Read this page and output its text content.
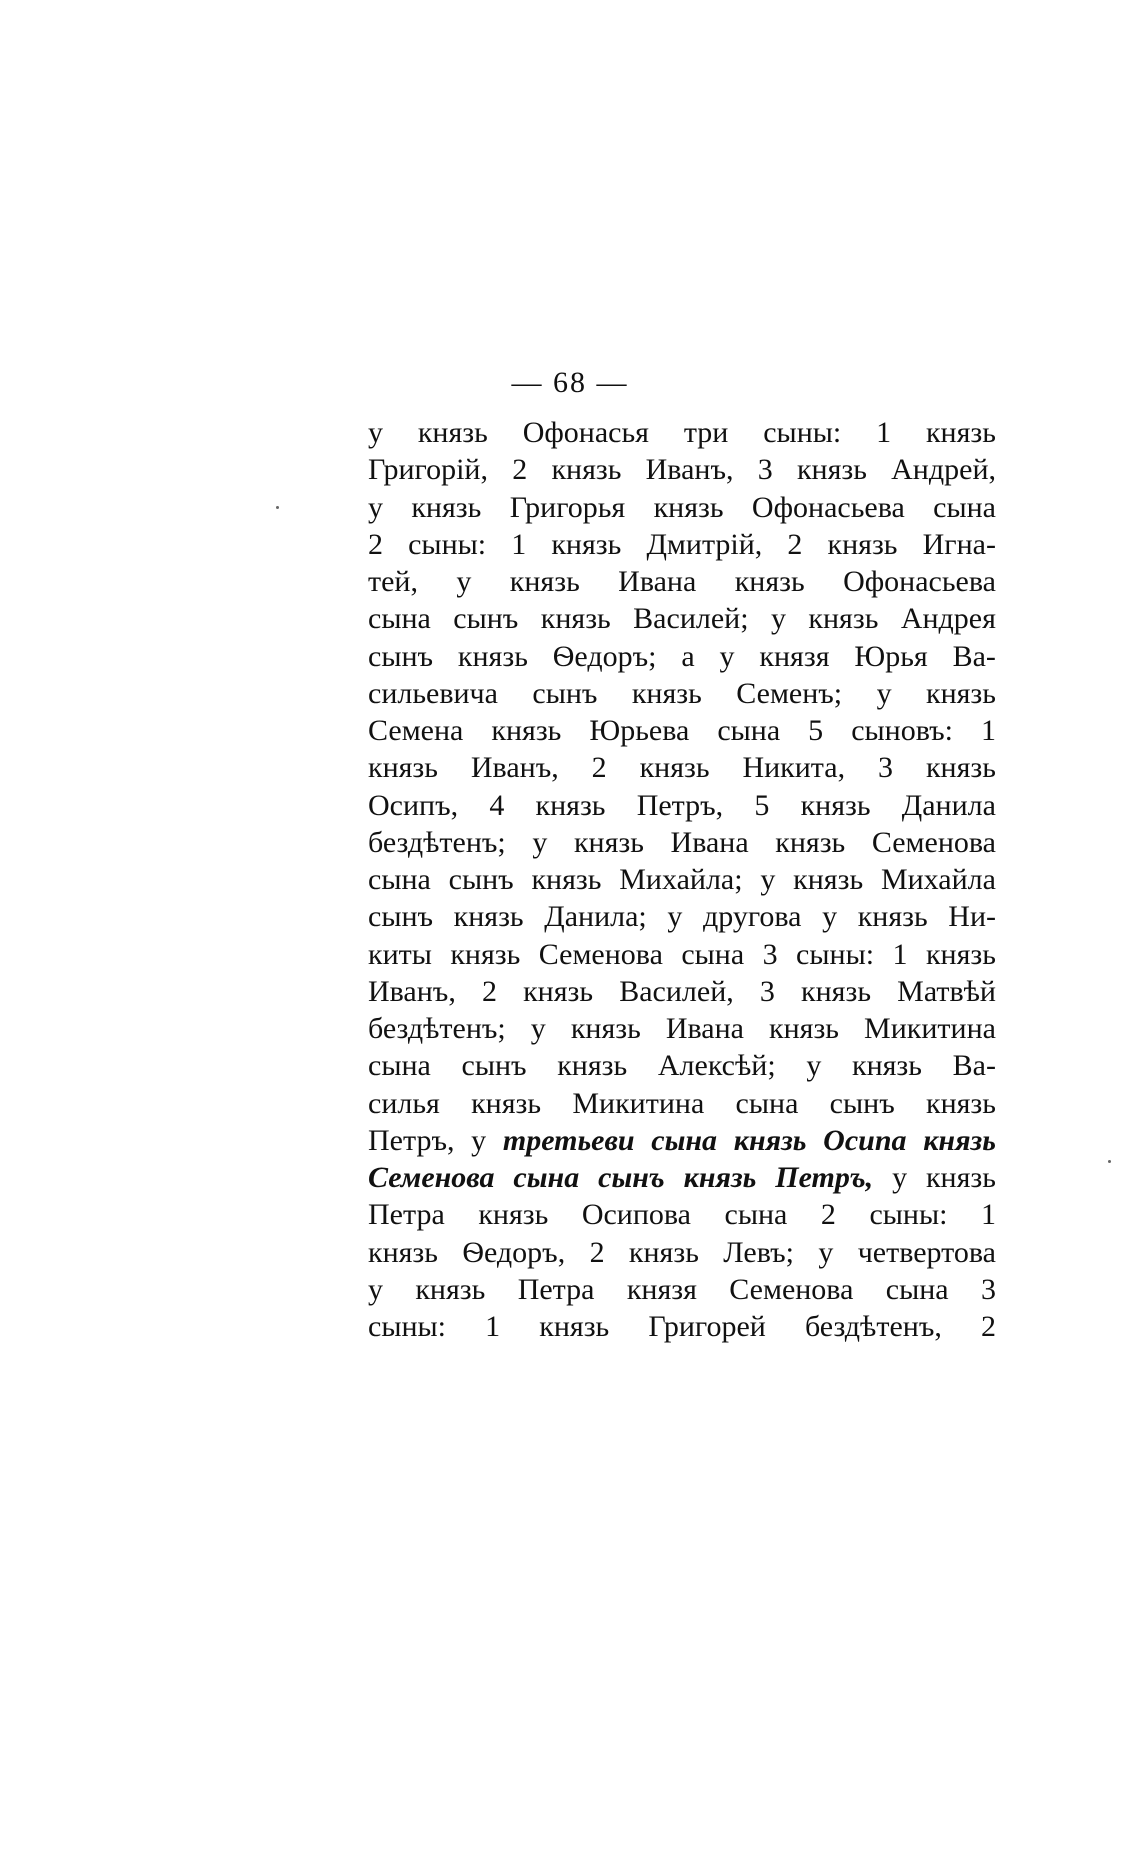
— 68 —
у князь Офонасья три сыны: 1 князь
Григорій, 2 князь Иванъ, 3 князь Андрей,
у князь Григорья князь Офонасьева сына
2 сыны: 1 князь Дмитрій, 2 князь Игна-
тей, у князь Ивана князь Офонасьева
сына сынъ князь Василей; у князь Андрея
сынъ князь Ѳедоръ; а у князя Юрья Ва-
сильевича сынъ князь Семенъ; у князь
Семена князь Юрьева сына 5 сыновъ: 1
князь Иванъ, 2 князь Никита, 3 князь
Осипъ, 4 князь Петръ, 5 князь Данила
бездѣтенъ; у князь Ивана князь Семенова
сына сынъ князь Михайла; у князь Михайла
сынъ князь Данила; у другова у князь Ни-
киты князь Семенова сына 3 сыны: 1 князь
Иванъ, 2 князь Василей, 3 князь Матвѣй
бездѣтенъ; у князь Ивана князь Микитина
сына сынъ князь Алексѣй; у князь Ва-
силья князь Микитина сына сынъ князь
Петръ, у третьеви сына князь Осипа князь
Семенова сына сынъ князь Петръ, у князь
Петра князь Осипова сына 2 сыны: 1
князь Ѳедоръ, 2 князь Левъ; у четвертова
у князь Петра князя Семенова сына 3
сыны: 1 князь Григорей бездѣтенъ, 2
